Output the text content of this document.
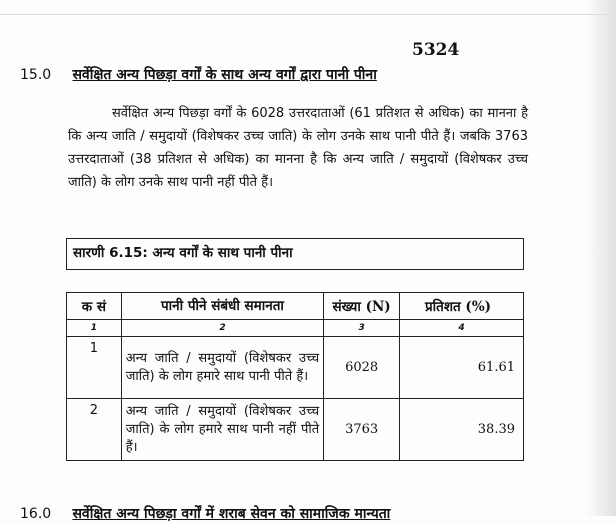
5324
15.0 सर्वेक्षित अन्य पिछड़ा वर्गों के साथ अन्य वर्गों द्वारा पानी पीना

सर्वेक्षित अन्य पिछड़ा वर्गों के 6028 उत्तरदाताओं (61 प्रतिशत से अधिक) का मानना है कि अन्य जाति / समुदायों (विशेषकर उच्च जाति) के लोग उनके साथ पानी पीते हैं। जबकि 3763 उत्तरदाताओं (38 प्रतिशत से अधिक) का मानना है कि अन्य जाति / समुदायों (विशेषकर उच्च जाति) के लोग उनके साथ पानी नहीं पीते हैं।

सारणी 6.15: अन्य वर्गों के साथ पानी पीना
क सं	पानी पीने संबंधी समानता	संख्या (N)	प्रतिशत (%)
1	2	3	4
1	अन्य जाति / समुदायों (विशेषकर उच्च जाति) के लोग हमारे साथ पानी पीते हैं।	6028	61.61
2	अन्य जाति / समुदायों (विशेषकर उच्च जाति) के लोग हमारे साथ पानी नहीं पीते हैं।	3763	38.39
16.0 सर्वेक्षित अन्य पिछड़ा वर्गों में शराब सेवन को सामाजिक मान्यता
